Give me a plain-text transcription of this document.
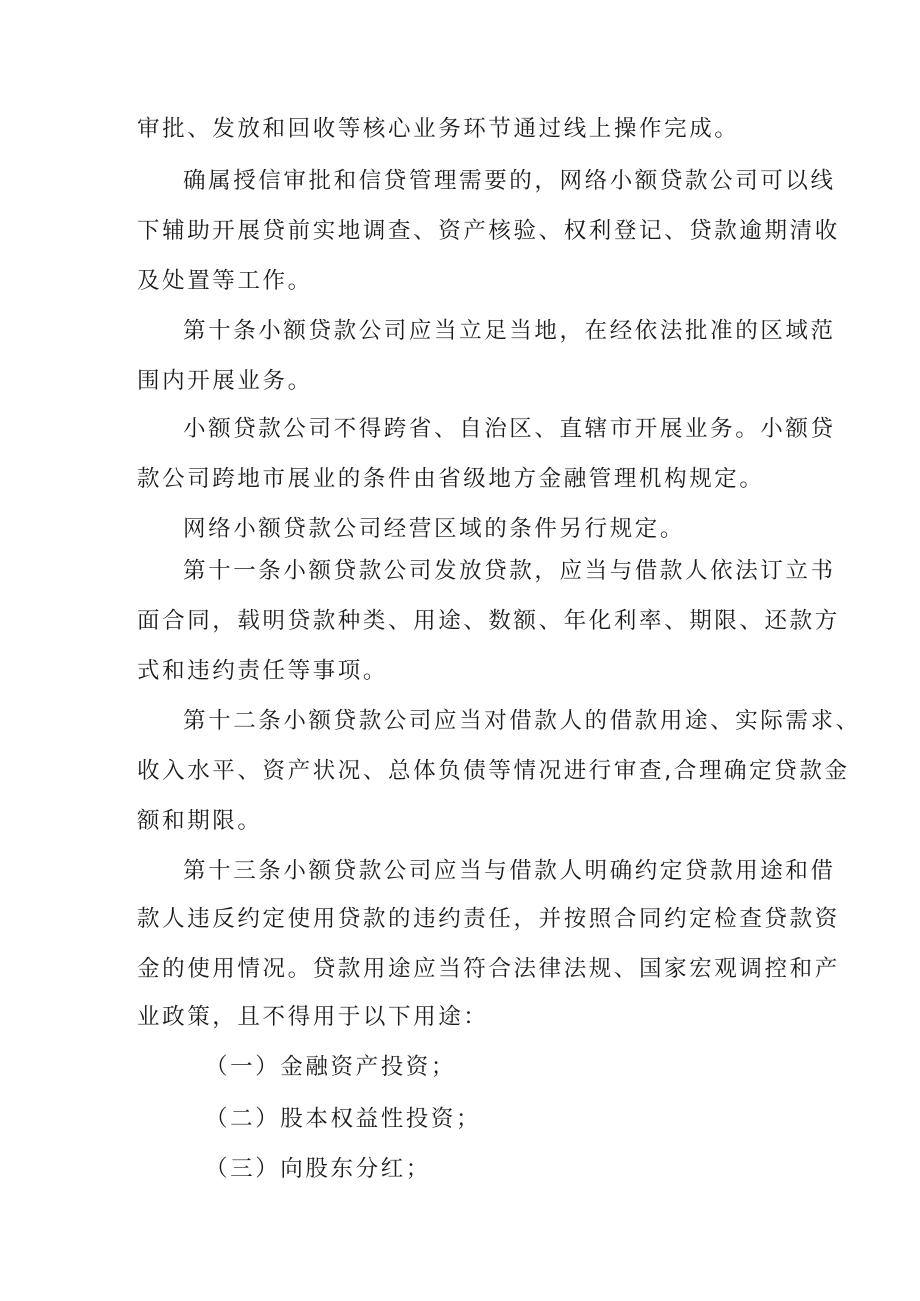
审批、发放和回收等核心业务环节通过线上操作完成。
确属授信审批和信贷管理需要的，网络小额贷款公司可以线
下辅助开展贷前实地调查、资产核验、权利登记、贷款逾期清收
及处置等工作。
第十条小额贷款公司应当立足当地，在经依法批准的区域范
围内开展业务。
小额贷款公司不得跨省、自治区、直辖市开展业务。小额贷
款公司跨地市展业的条件由省级地方金融管理机构规定。
网络小额贷款公司经营区域的条件另行规定。
第十一条小额贷款公司发放贷款，应当与借款人依法订立书
面合同，载明贷款种类、用途、数额、年化利率、期限、还款方
式和违约责任等事项。
第十二条小额贷款公司应当对借款人的借款用途、实际需求、
收入水平、资产状况、总体负债等情况进行审查,合理确定贷款金
额和期限。
第十三条小额贷款公司应当与借款人明确约定贷款用途和借
款人违反约定使用贷款的违约责任，并按照合同约定检查贷款资
金的使用情况。贷款用途应当符合法律法规、国家宏观调控和产
业政策，且不得用于以下用途：
（一）金融资产投资；
（二）股本权益性投资；
（三）向股东分红；
